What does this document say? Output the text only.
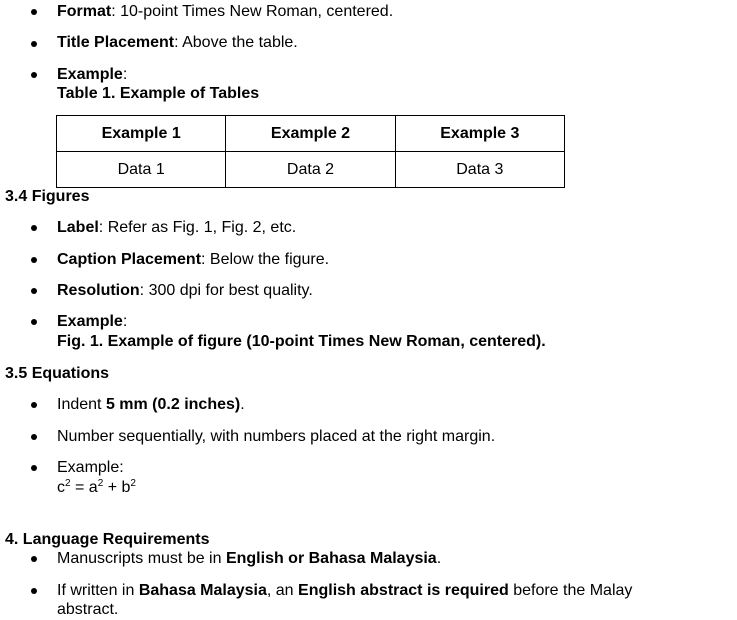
Format: 10-point Times New Roman, centered.
Title Placement: Above the table.
Example:
Table 1. Example of Tables
Example 1	Example 2	Example 3
Data 1	Data 2	Data 3
3.4 Figures
Label: Refer as Fig. 1, Fig. 2, etc.
Caption Placement: Below the figure.
Resolution: 300 dpi for best quality.
Example:
Fig. 1. Example of figure (10-point Times New Roman, centered).
3.5 Equations
Indent 5 mm (0.2 inches).
Number sequentially, with numbers placed at the right margin.
Example:
$c^2 = a^2 + b^2$
4. Language Requirements
Manuscripts must be in English or Bahasa Malaysia.
If written in Bahasa Malaysia, an English abstract is required before the Malay
abstract.
